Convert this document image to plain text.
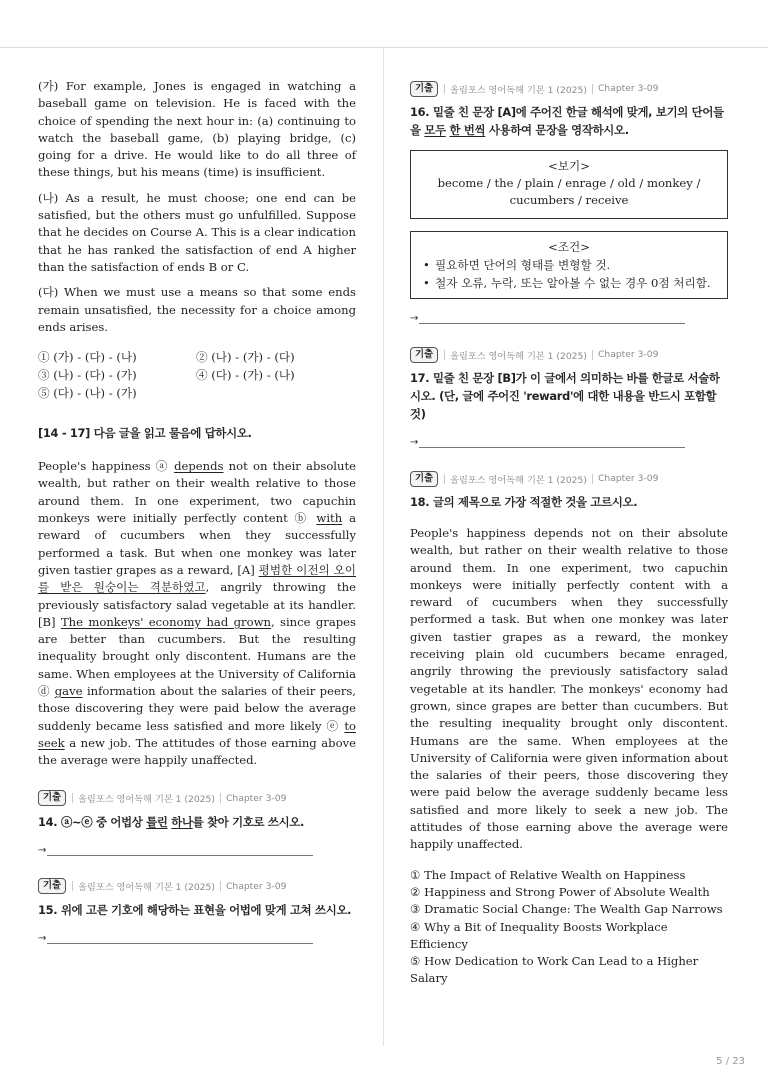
(가) For example, Jones is engaged in watching a baseball game on television. He is faced with the choice of spending the next hour in: (a) continuing to watch the baseball game, (b) playing bridge, (c) going for a drive. He would like to do all three of these things, but his means (time) is insufficient.

(나) As a result, he must choose; one end can be satisfied, but the others must go unfulfilled. Suppose that he decides on Course A. This is a clear indication that he has ranked the satisfaction of end A higher than the satisfaction of ends B or C.

(다) When we must use a means so that some ends remain unsatisfied, the necessity for a choice among ends arises.

① (가) - (다) - (나)	② (나) - (가) - (다)
③ (나) - (다) - (가)	④ (다) - (가) - (나)
⑤ (다) - (나) - (가)
[14 - 17] 다음 글을 읽고 물음에 답하시오.

People's happiness ⓐ depends not on their absolute wealth, but rather on their wealth relative to those around them. In one experiment, two capuchin monkeys were initially perfectly content ⓑ with a reward of cucumbers when they successfully performed a task. But when one monkey was later given tastier grapes as a reward, [A] 평범한 이전의 오이를 받은 원숭이는 격분하였고, angrily throwing the previously satisfactory salad vegetable at its handler. [B] The monkeys' economy had grown, since grapes are better than cucumbers. But the resulting inequality brought only discontent. Humans are the same. When employees at the University of California ⓓ gave information about the salaries of their peers, those discovering they were paid below the average suddenly became less satisfied and more likely ⓔ to seek a new job. The attitudes of those earning above the average were happily unaffected.

기출	올림포스 영어독해 기본 1 (2025) Chapter 3-09
14. ⓐ~ⓔ 중 어법상 틀린 하나를 찾아 기호로 쓰시오.
→
기출	올림포스 영어독해 기본 1 (2025) Chapter 3-09
15. 위에 고른 기호에 해당하는 표현을 어법에 맞게 고쳐 쓰시오.
→
기출	올림포스 영어독해 기본 1 (2025) Chapter 3-09
16. 밑줄 친 문장 [A]에 주어진 한글 해석에 맞게, 보기의 단어들을 모두 한 번씩 사용하여 문장을 영작하시오.
<보기>
become / the / plain / enrage / old / monkey / cucumbers / receive
<조건>
• 필요하면 단어의 형태를 변형할 것.
• 철자 오류, 누락, 또는 알아볼 수 없는 경우 0점 처리함.
→
기출	올림포스 영어독해 기본 1 (2025) Chapter 3-09
17. 밑줄 친 문장 [B]가 이 글에서 의미하는 바를 한글로 서술하시오. (단, 글에 주어진 'reward'에 대한 내용을 반드시 포함할 것)
→
기출	올림포스 영어독해 기본 1 (2025) Chapter 3-09
18. 글의 제목으로 가장 적절한 것을 고르시오.

People's happiness depends not on their absolute wealth, but rather on their wealth relative to those around them. In one experiment, two capuchin monkeys were initially perfectly content with a reward of cucumbers when they successfully performed a task. But when one monkey was later given tastier grapes as a reward, the monkey receiving plain old cucumbers became enraged, angrily throwing the previously satisfactory salad vegetable at its handler. The monkeys' economy had grown, since grapes are better than cucumbers. But the resulting inequality brought only discontent. Humans are the same. When employees at the University of California were given information about the salaries of their peers, those discovering they were paid below the average suddenly became less satisfied and more likely to seek a new job. The attitudes of those earning above the average were happily unaffected.

① The Impact of Relative Wealth on Happiness
② Happiness and Strong Power of Absolute Wealth
③ Dramatic Social Change: The Wealth Gap Narrows
④ Why a Bit of Inequality Boosts Workplace Efficiency
⑤ How Dedication to Work Can Lead to a Higher Salary
5 / 23
